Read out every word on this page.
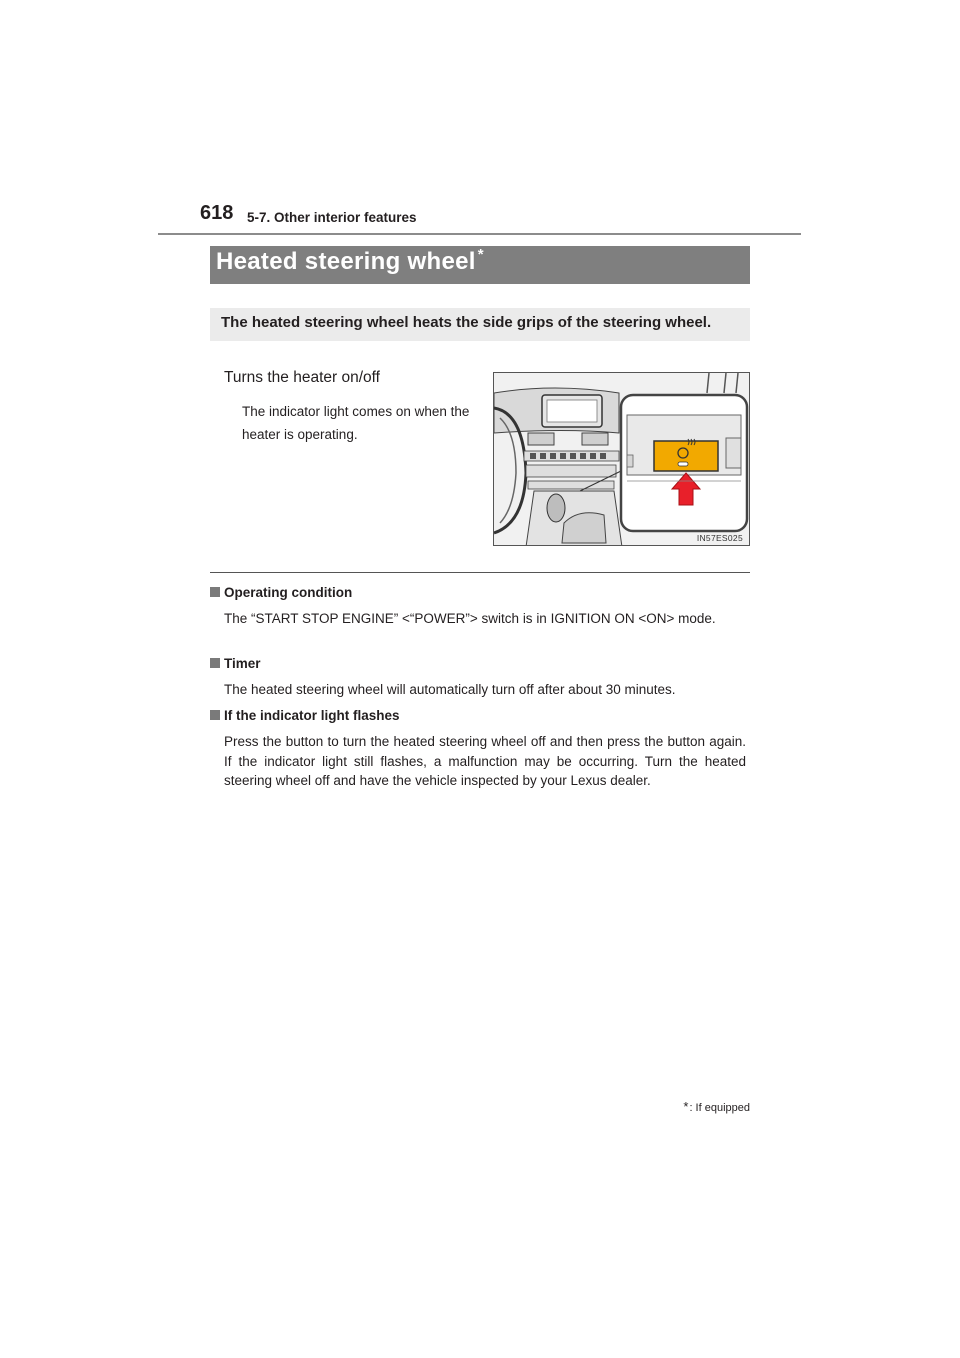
618 5-7. Other interior features
Heated steering wheel *
The heated steering wheel heats the side grips of the steering wheel.
Turns the heater on/off
The indicator light comes on when the heater is operating.
IN57ES025
Operating condition
The “START STOP ENGINE” <“POWER”> switch is in IGNITION ON <ON> mode.
Timer
The heated steering wheel will automatically turn off after about 30 minutes.
If the indicator light flashes
Press the button to turn the heated steering wheel off and then press the button again. If the indicator light still flashes, a malfunction may be occurring. Turn the heated steering wheel off and have the vehicle inspected by your Lexus dealer.
*: If equipped
